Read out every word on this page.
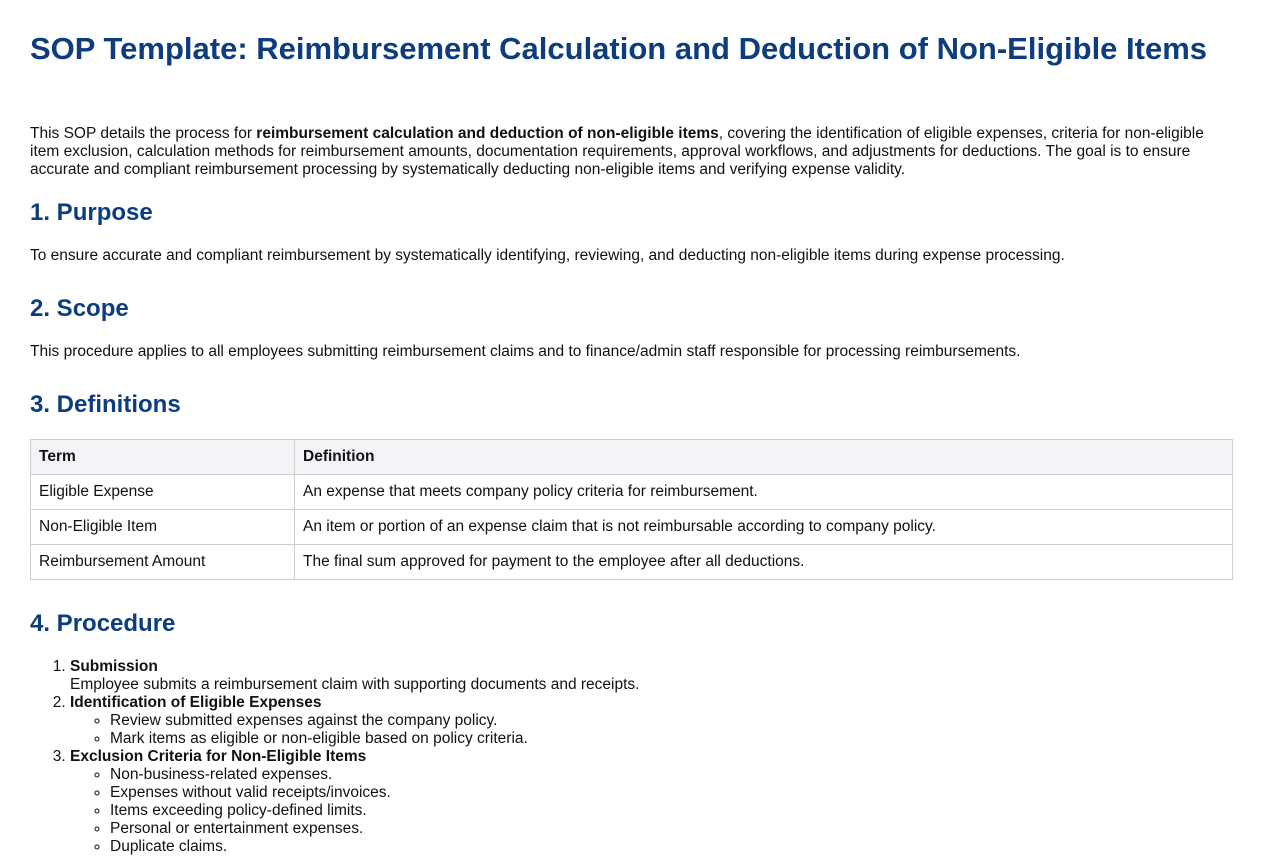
SOP Template: Reimbursement Calculation and Deduction of Non-Eligible Items

This SOP details the process for reimbursement calculation and deduction of non-eligible items, covering the identification of eligible expenses, criteria for non-eligible item exclusion, calculation methods for reimbursement amounts, documentation requirements, approval workflows, and adjustments for deductions. The goal is to ensure accurate and compliant reimbursement processing by systematically deducting non-eligible items and verifying expense validity.

1. Purpose

To ensure accurate and compliant reimbursement by systematically identifying, reviewing, and deducting non-eligible items during expense processing.

2. Scope

This procedure applies to all employees submitting reimbursement claims and to finance/admin staff responsible for processing reimbursements.

3. Definitions
Term	Definition
Eligible Expense	An expense that meets company policy criteria for reimbursement.
Non-Eligible Item	An item or portion of an expense claim that is not reimbursable according to company policy.
Reimbursement Amount	The final sum approved for payment to the employee after all deductions.
4. Procedure
1. Submission
Employee submits a reimbursement claim with supporting documents and receipts.
2. Identification of Eligible Expenses
◦ Review submitted expenses against the company policy.
◦ Mark items as eligible or non-eligible based on policy criteria.
3. Exclusion Criteria for Non-Eligible Items
◦ Non-business-related expenses.
◦ Expenses without valid receipts/invoices.
◦ Items exceeding policy-defined limits.
◦ Personal or entertainment expenses.
◦ Duplicate claims.
